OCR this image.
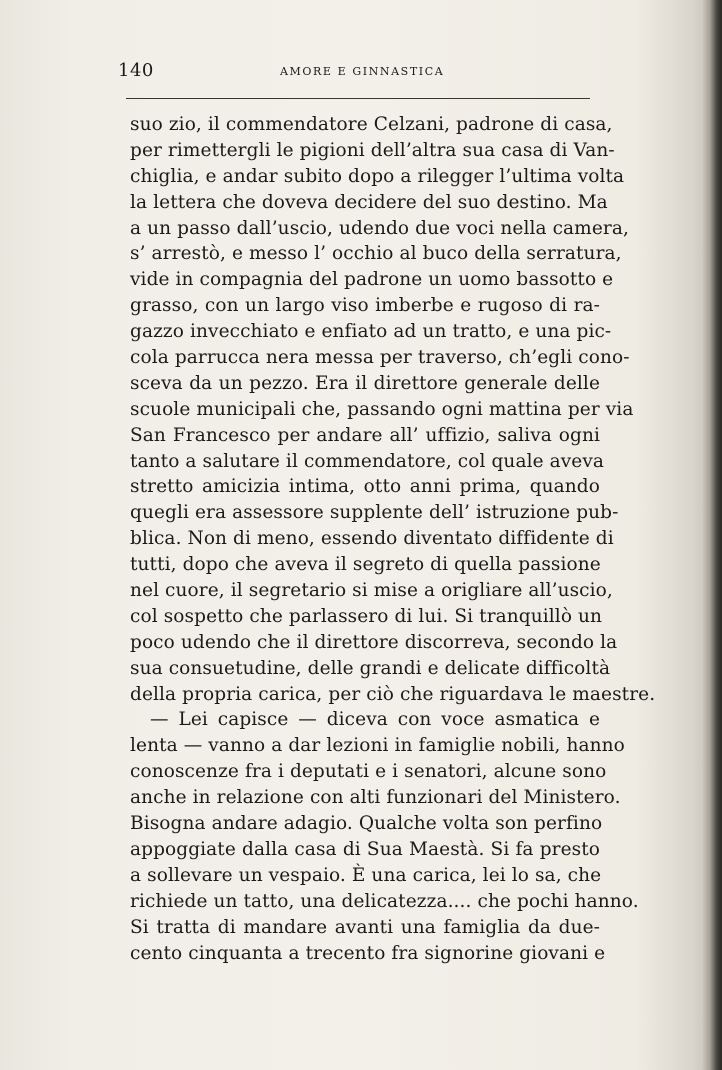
140	AMORE E GINNASTICA
suo zio, il commendatore Celzani, padrone di casa,
per rimettergli le pigioni dell’altra sua casa di Van-
chiglia, e andar subito dopo a rilegger l’ultima volta
la lettera che doveva decidere del suo destino. Ma
a un passo dall’uscio, udendo due voci nella camera,
s’ arrestò, e messo l’ occhio al buco della serratura,
vide in compagnia del padrone un uomo bassotto e
grasso, con un largo viso imberbe e rugoso di ra-
gazzo invecchiato e enfiato ad un tratto, e una pic-
cola parrucca nera messa per traverso, ch’egli cono-
sceva da un pezzo. Era il direttore generale delle
scuole municipali che, passando ogni mattina per via
San Francesco per andare all’ uffizio, saliva ogni
tanto a salutare il commendatore, col quale aveva
stretto amicizia intima, otto anni prima, quando
quegli era assessore supplente dell’ istruzione pub-
blica. Non di meno, essendo diventato diffidente di
tutti, dopo che aveva il segreto di quella passione
nel cuore, il segretario si mise a origliare all’uscio,
col sospetto che parlassero di lui. Si tranquillò un
poco udendo che il direttore discorreva, secondo la
sua consuetudine, delle grandi e delicate difficoltà
della propria carica, per ciò che riguardava le maestre.
— Lei capisce — diceva con voce asmatica e
lenta — vanno a dar lezioni in famiglie nobili, hanno
conoscenze fra i deputati e i senatori, alcune sono
anche in relazione con alti funzionari del Ministero.
Bisogna andare adagio. Qualche volta son perfino
appoggiate dalla casa di Sua Maestà. Si fa presto
a sollevare un vespaio. È una carica, lei lo sa, che
richiede un tatto, una delicatezza.... che pochi hanno.
Si tratta di mandare avanti una famiglia da due-
cento cinquanta a trecento fra signorine giovani e
